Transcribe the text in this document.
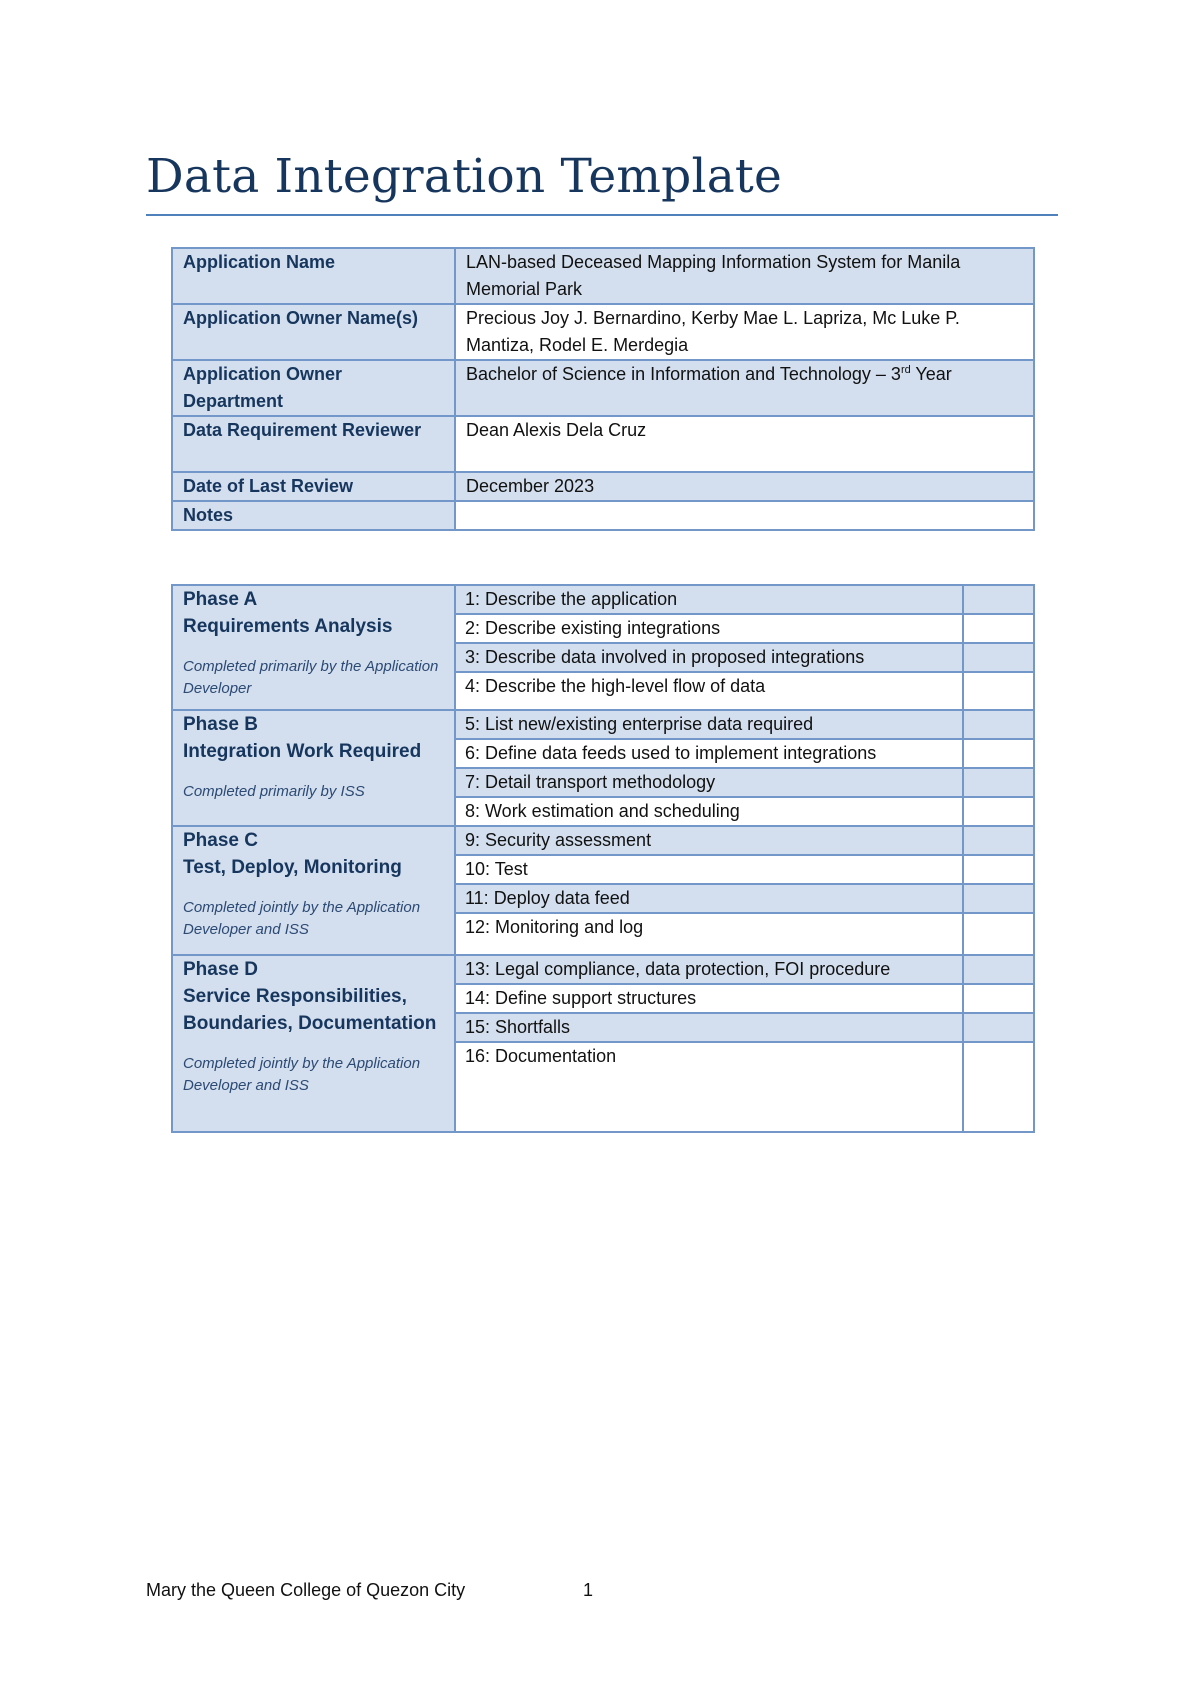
Data Integration Template
Application Name	LAN-based Deceased Mapping Information System for Manila Memorial Park
Application Owner Name(s)	Precious Joy J. Bernardino, Kerby Mae L. Lapriza, Mc Luke P. Mantiza, Rodel E. Merdegia
Application Owner Department	Bachelor of Science in Information and Technology – 3rd Year
Data Requirement Reviewer	Dean Alexis Dela Cruz
Date of Last Review	December 2023
Notes	
Phase A
Requirements Analysis
Completed primarily by the Application Developer	1: Describe the application	
	2: Describe existing integrations	
	3: Describe data involved in proposed integrations	
	4: Describe the high-level flow of data	

Phase B
Integration Work Required
Completed primarily by ISS	5: List new/existing enterprise data required	
	6: Define data feeds used to implement integrations	
	7: Detail transport methodology	
	8: Work estimation and scheduling	

Phase C
Test, Deploy, Monitoring
Completed jointly by the Application Developer and ISS	9: Security assessment	
	10: Test	
	11: Deploy data feed	
	12: Monitoring and log	

Phase D
Service Responsibilities, Boundaries, Documentation
Completed jointly by the Application Developer and ISS	13: Legal compliance, data protection, FOI procedure	
	14: Define support structures	
	15: Shortfalls	
	16: Documentation	
Mary the Queen College of Quezon City	1
